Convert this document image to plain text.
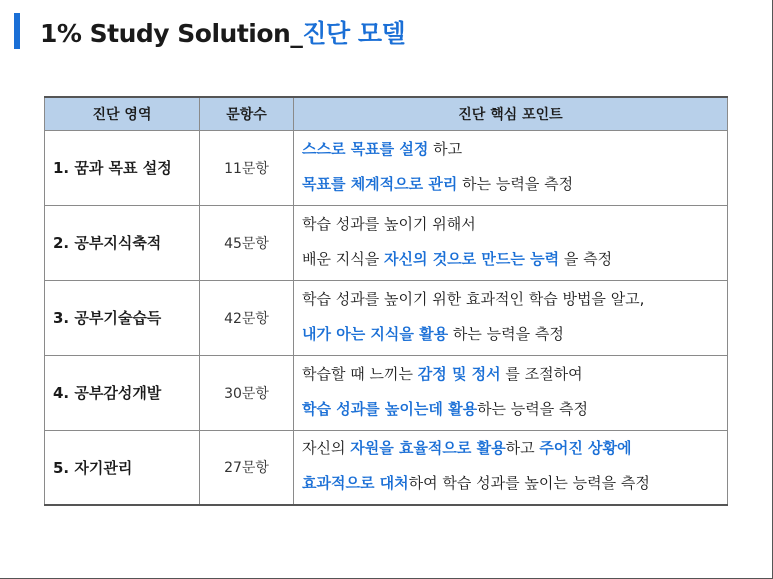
1% Study Solution_진단 모델
진단 영역	문항수	진단 핵심 포인트
1. 꿈과 목표 설정	11문항	스스로 목표를 설정 하고
목표를 체계적으로 관리 하는 능력을 측정

2. 공부지식축적	45문항	학습 성과를 높이기 위해서
배운 지식을 자신의 것으로 만드는 능력 을 측정

3. 공부기술습득	42문항	학습 성과를 높이기 위한 효과적인 학습 방법을 알고,
내가 아는 지식을 활용 하는 능력을 측정

4. 공부감성개발	30문항	학습할 때 느끼는 감정 및 정서 를 조절하여
학습 성과를 높이는데 활용하는 능력을 측정

5. 자기관리	27문항	자신의 자원을 효율적으로 활용하고 주어진 상황에
효과적으로 대처하여 학습 성과를 높이는 능력을 측정
